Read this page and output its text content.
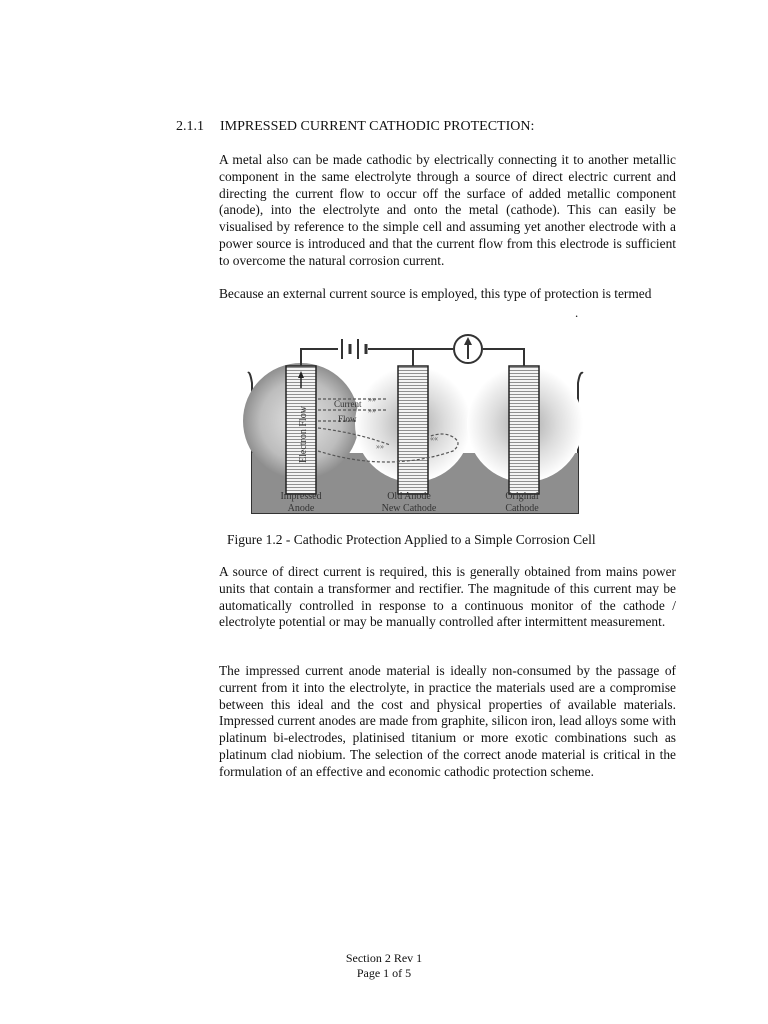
2.1.1 IMPRESSED CURRENT CATHODIC PROTECTION:

A metal also can be made cathodic by electrically connecting it to another metallic component in the same electrolyte through a source of direct electric current and directing the current flow to occur off the surface of added metallic component (anode), into the electrolyte and onto the metal (cathode). This can easily be visualised by reference to the simple cell and assuming yet another electrode with a power source is introduced and that the current flow from this electrode is sufficient to overcome the natural corrosion current.

Because an external current source is employed, this type of protection is termed

.
Electron Flow
»»
»»
»»
««
Current
Flow
Impressed
Anode
Old Anode
New Cathode
Original
Cathode
Figure 1.2 - Cathodic Protection Applied to a Simple Corrosion Cell

A source of direct current is required, this is generally obtained from mains power units that contain a transformer and rectifier. The magnitude of this current may be automatically controlled in response to a continuous monitor of the cathode / electrolyte potential or may be manually controlled after intermittent measurement.

The impressed current anode material is ideally non-consumed by the passage of current from it into the electrolyte, in practice the materials used are a compromise between this ideal and the cost and physical properties of available materials. Impressed current anodes are made from graphite, silicon iron, lead alloys some with platinum bi-electrodes, platinised titanium or more exotic combinations such as platinum clad niobium. The selection of the correct anode material is critical in the formulation of an effective and economic cathodic protection scheme.

Section 2 Rev 1
Page 1 of 5
